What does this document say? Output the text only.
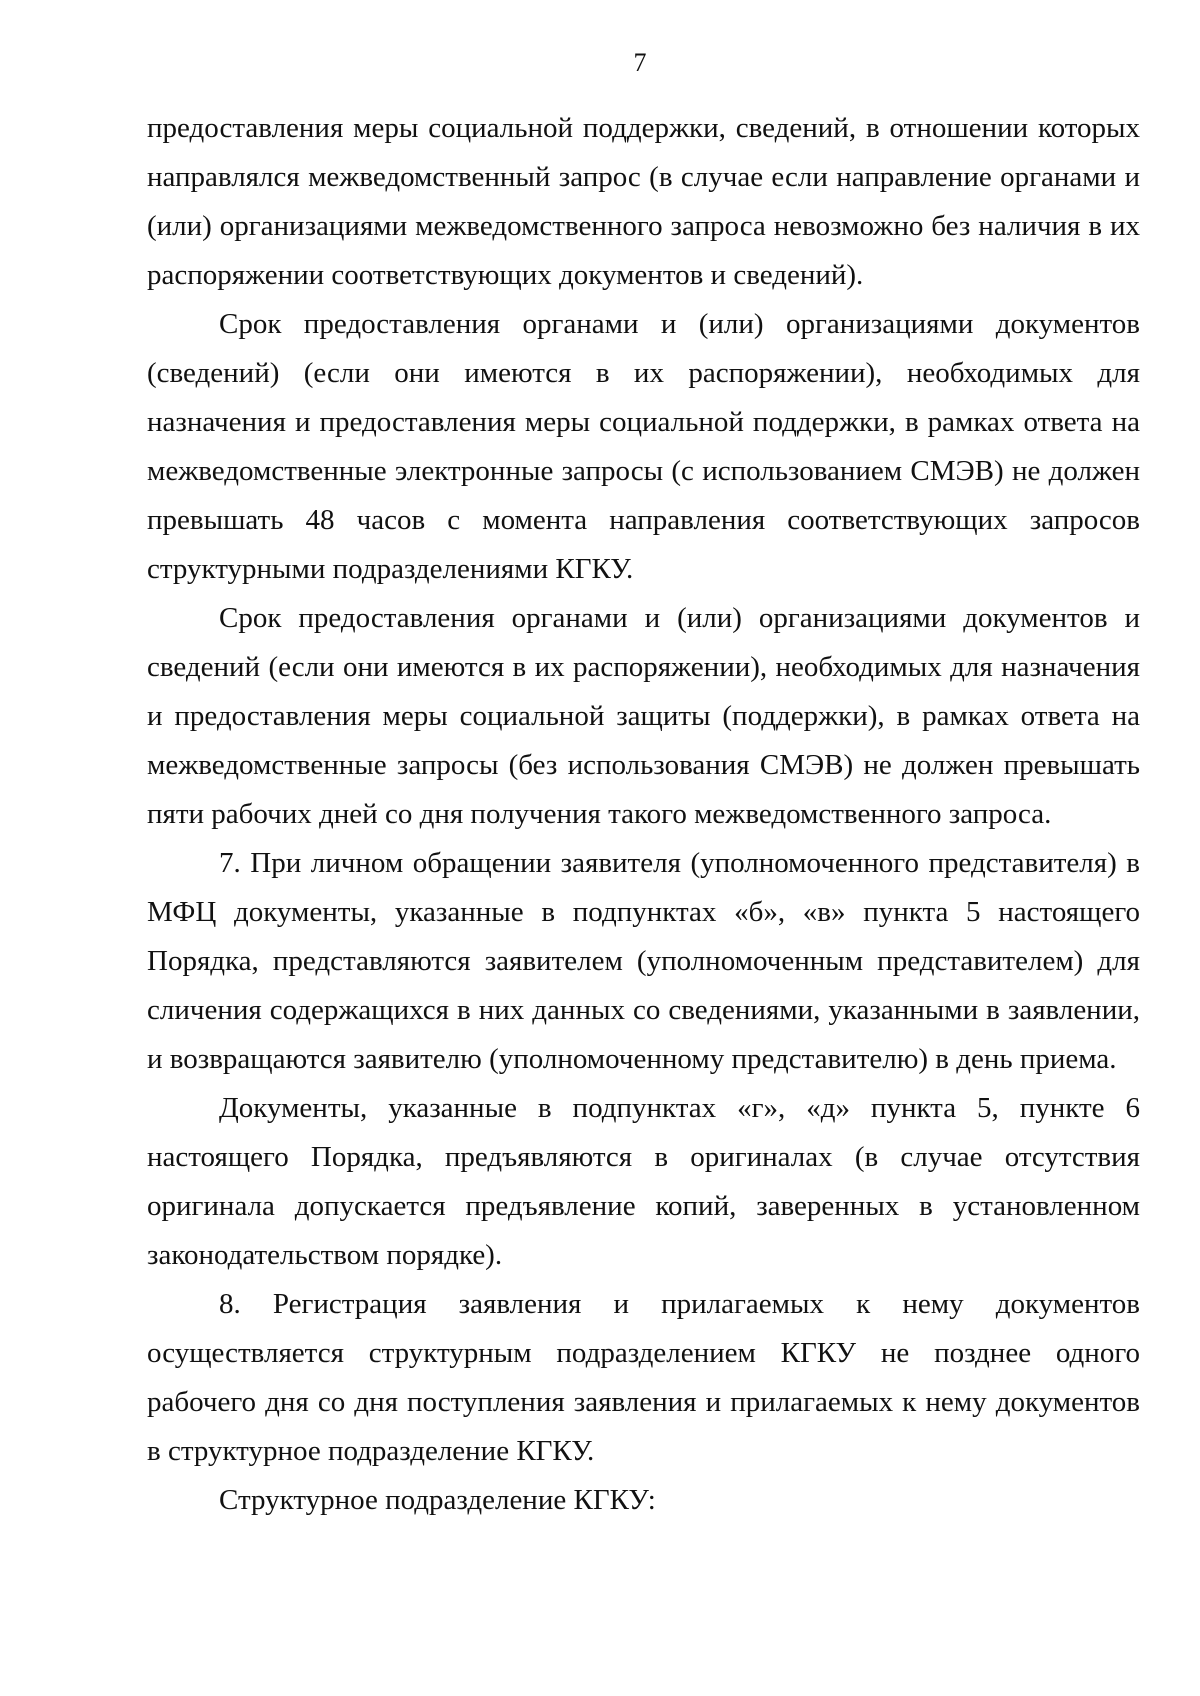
7

предоставления меры социальной поддержки, сведений, в отношении которых направлялся межведомственный запрос (в случае если направление органами и (или) организациями межведомственного запроса невозможно без наличия в их распоряжении соответствующих документов и сведений).

Срок предоставления органами и (или) организациями документов (сведений) (если они имеются в их распоряжении), необходимых для назначения и предоставления меры социальной поддержки, в рамках ответа на межведомственные электронные запросы (с использованием СМЭВ) не должен превышать 48 часов с момента направления соответствующих запросов структурными подразделениями КГКУ.

Срок предоставления органами и (или) организациями документов и сведений (если они имеются в их распоряжении), необходимых для назначения и предоставления меры социальной защиты (поддержки), в рамках ответа на межведомственные запросы (без использования СМЭВ) не должен превышать пяти рабочих дней со дня получения такого межведомственного запроса.

7. При личном обращении заявителя (уполномоченного представителя) в МФЦ документы, указанные в подпунктах «б», «в» пункта 5 настоящего Порядка, представляются заявителем (уполномоченным представителем) для сличения содержащихся в них данных со сведениями, указанными в заявлении, и возвращаются заявителю (уполномоченному представителю) в день приема.

Документы, указанные в подпунктах «г», «д» пункта 5, пункте 6 настоящего Порядка, предъявляются в оригиналах (в случае отсутствия оригинала допускается предъявление копий, заверенных в установленном законодательством порядке).

8. Регистрация заявления и прилагаемых к нему документов осуществляется структурным подразделением КГКУ не позднее одного рабочего дня со дня поступления заявления и прилагаемых к нему документов в структурное подразделение КГКУ.

Структурное подразделение КГКУ:
